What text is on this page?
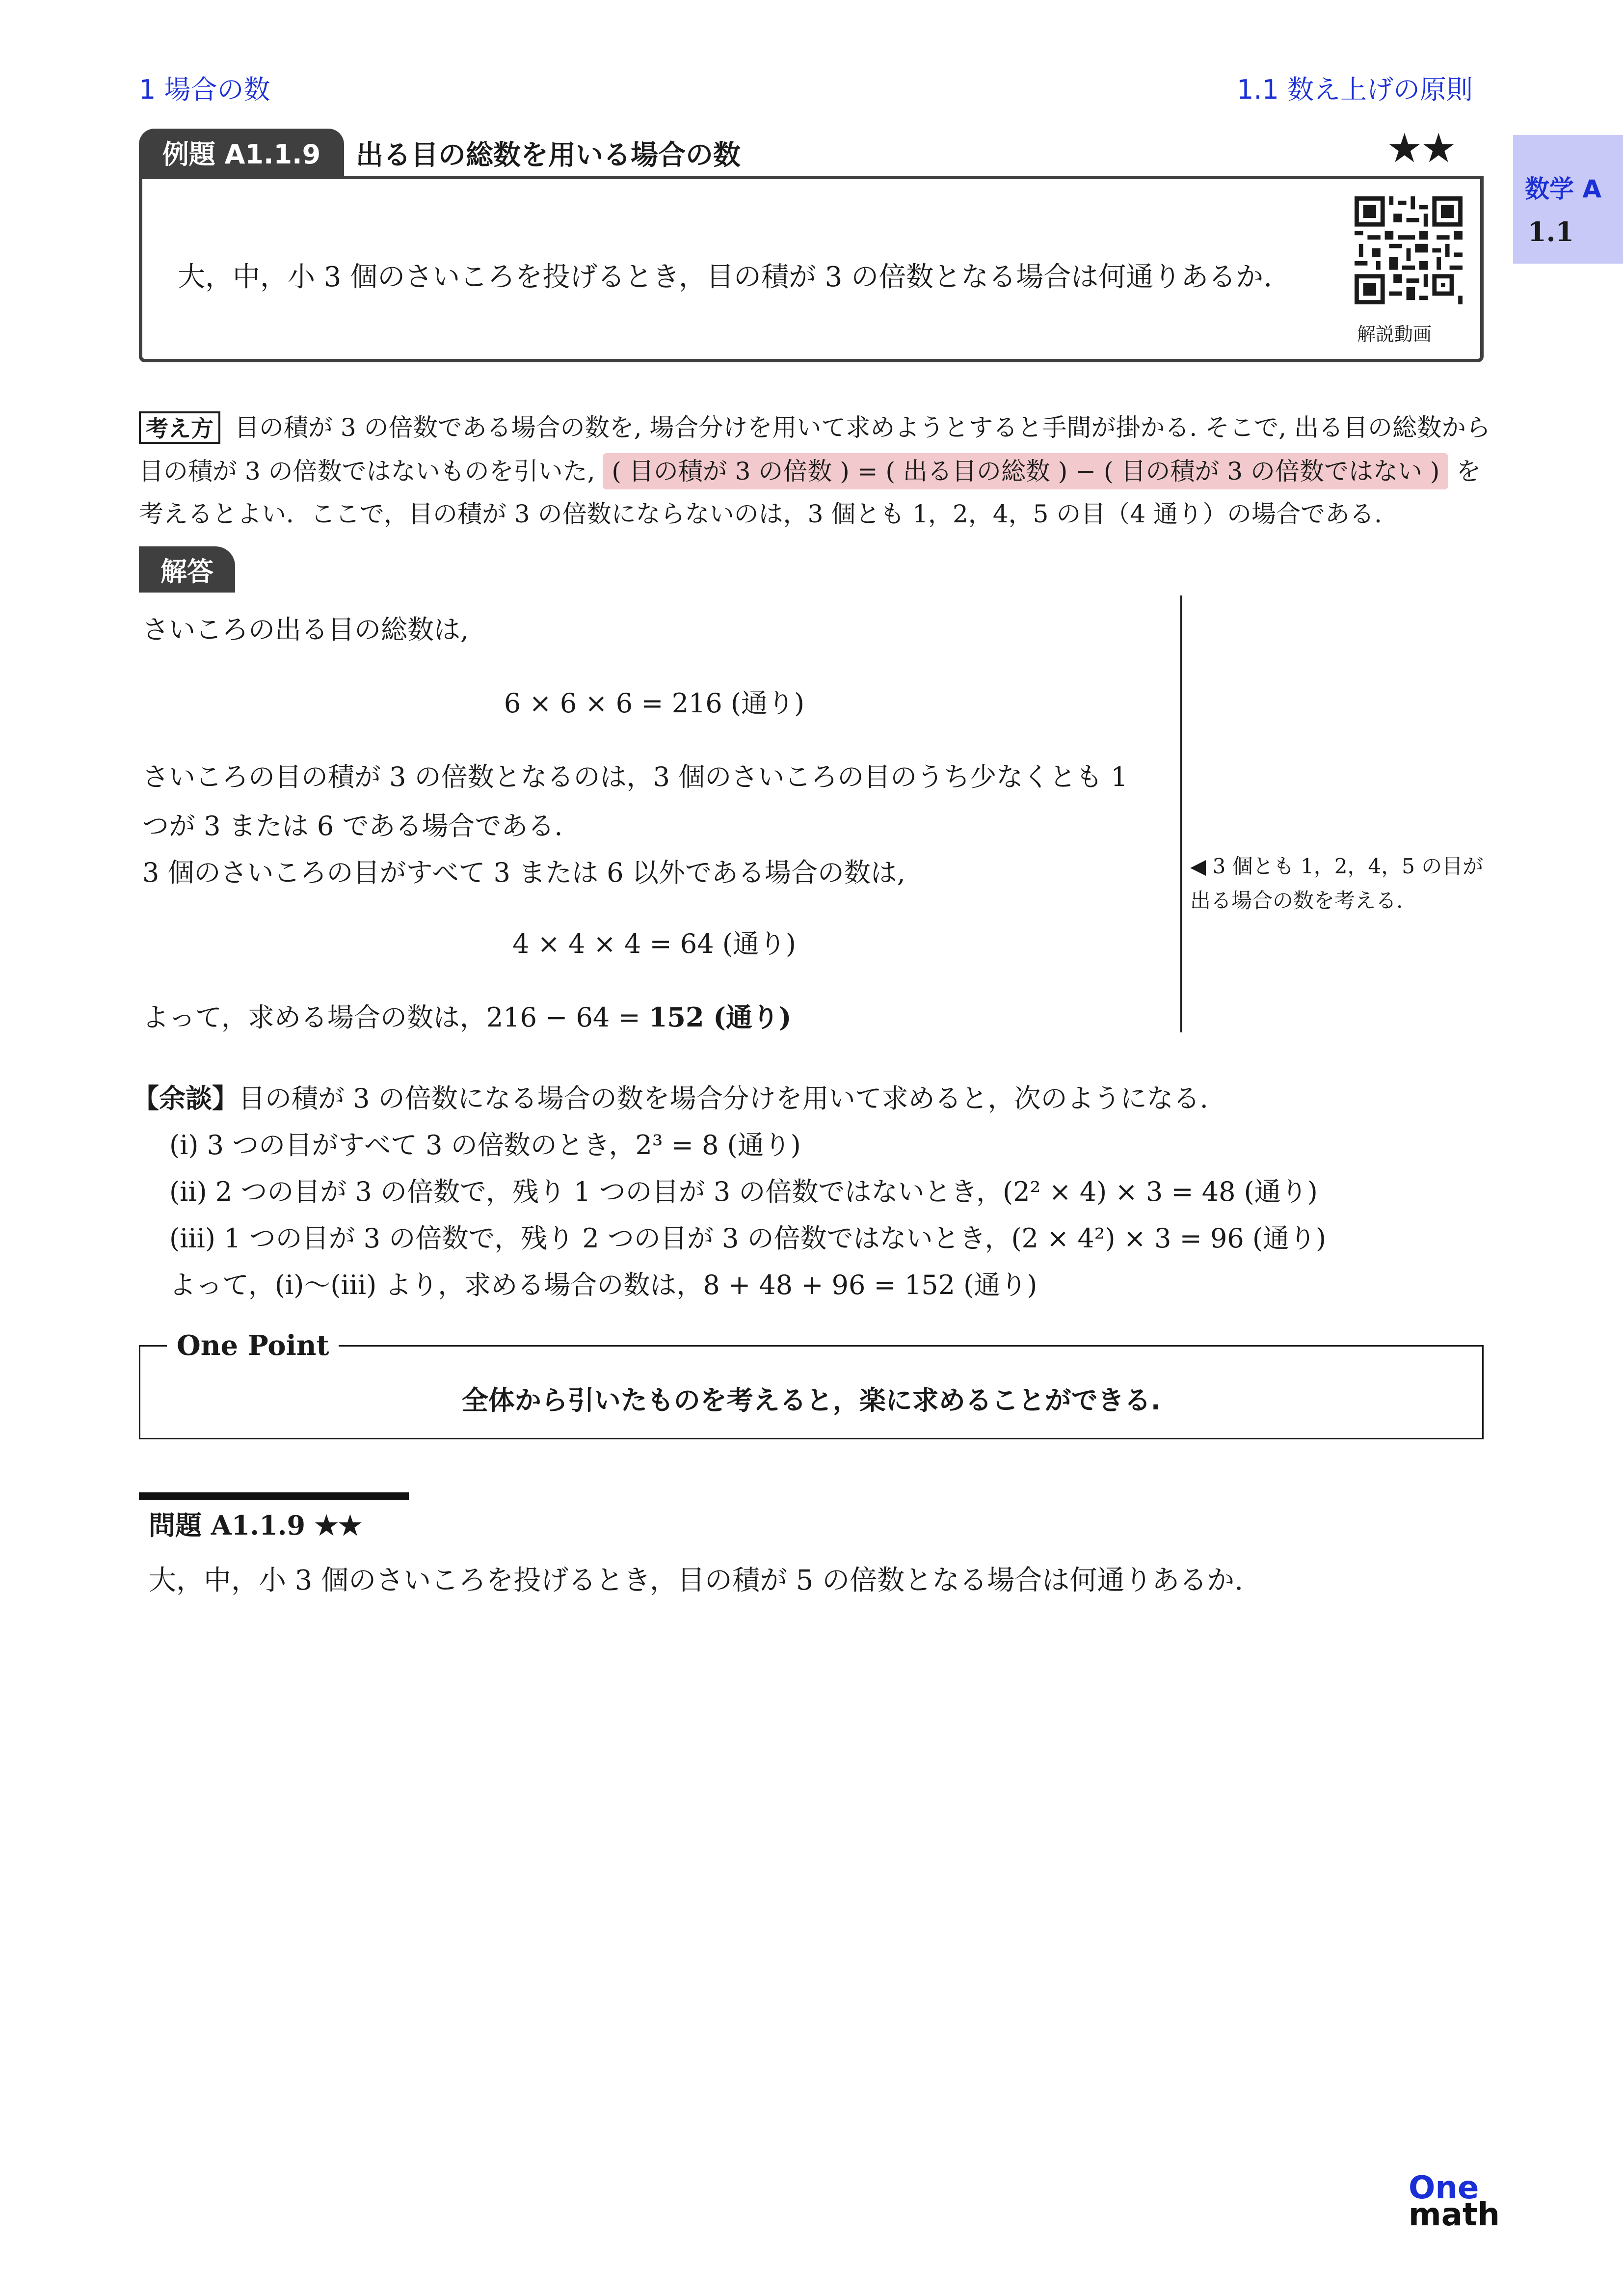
1 場合の数	1.1 数え上げの原則
数学 A
1.1
例題 A1.1.9	出る目の総数を用いる場合の数	★★
大，中，小 3 個のさいころを投げるとき，目の積が 3 の倍数となる場合は何通りあるか.
解説動画
考え方 目の積が 3 の倍数である場合の数を, 場合分けを用いて求めようとすると手間が掛かる. そこで, 出る目の総数から
目の積が 3 の倍数ではないものを引いた, ( 目の積が 3 の倍数 ) = ( 出る目の総数 ) − ( 目の積が 3 の倍数ではない ) を
考えるとよい．ここで，目の積が 3 の倍数にならないのは，3 個とも 1，2，4，5 の目（4 通り）の場合である.
解答
さいころの出る目の総数は,
6 × 6 × 6 = 216 (通り)
さいころの目の積が 3 の倍数となるのは，3 個のさいころの目のうち少なくとも 1
つが 3 または 6 である場合である.
3 個のさいころの目がすべて 3 または 6 以外である場合の数は,
4 × 4 × 4 = 64 (通り)
よって，求める場合の数は，216 − 64 = 152 (通り)
◀ 3 個とも 1，2，4，5 の目が
出る場合の数を考える.
【余談】目の積が 3 の倍数になる場合の数を場合分けを用いて求めると，次のようになる.
(i) 3 つの目がすべて 3 の倍数のとき，2³ = 8 (通り)
(ii) 2 つの目が 3 の倍数で，残り 1 つの目が 3 の倍数ではないとき，(2² × 4) × 3 = 48 (通り)
(iii) 1 つの目が 3 の倍数で，残り 2 つの目が 3 の倍数ではないとき，(2 × 4²) × 3 = 96 (通り)
よって，(i)〜(iii) より，求める場合の数は，8 + 48 + 96 = 152 (通り)
One Point
全体から引いたものを考えると，楽に求めることができる.
問題 A1.1.9 ★★
大，中，小 3 個のさいころを投げるとき，目の積が 5 の倍数となる場合は何通りあるか.
One
math
